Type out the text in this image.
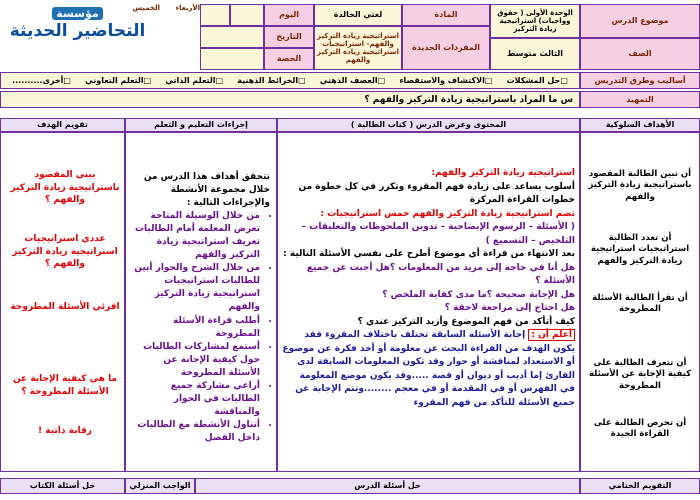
مؤسسة
التحاضير الحديثة
موضوع الدرس
الوحدة الأولى ( حقوق وواجبات) استراتيجية زيادة التركيز
المادة
لغتي الخالدة
اليوم
الخميس الأربعاء
المفردات الجديدة
استراتيجية زيادة التركيز والفهم- استراتيجيات استراتيجية زيادة التركيز والفهم
التاريخ
الحصة
الصف
الثالث متوسط
أساليب وطرق التدريس
□حل المشكلات
□الاكتشاف والاستقصاء
□العصف الذهني
□الخرائط الذهنية
□التعلم الذاتي
□التعلم التعاوني
□أخرى..........
التمهيد
س ما المراد باستراتيجية زيادة التركيز والفهم ؟
الأهداف السلوكية
المحتوى وعرض الدرس ( كتاب الطالبة )
إجراءات التعليم و التعلم
تقويم الهدف
أن تبين الطالبة المقصود باستراتيجية زيادة التركيز والفهم
أن تعدد الطالبة استراتيجيات استراتيجية زيادة التركيز والفهم
أن تقرأ الطالبة الأسئلة المطروحة
أن تتعرف الطالبة على كيفية الإجابة عن الأسئلة المطروحة
أن تحرص الطالبة على القراءة الجيدة
استراتيجية زيادة التركيز والفهم:
أسلوب يساعد على زيادة فهم المقروء وتكرر في كل خطوة من خطوات القراءة المركزة
تضم استراتيجية زيادة التركيز والفهم خمس استراتيجيات :
( الأسئلة – الرسوم الإيضاحية – تدوين الملحوظات والتعليقات – التلخيص – التسميع )
بعد الانتهاء من قراءة أي موضوع أطرح على نفسي الأسئلة التالية :
هل أنا في حاجة إلى مزيد من المعلومات ؟هل أجبت عن جميع الأسئلة ؟
هل الإجابة صحيحة ؟ما مدى كفاية الملخص ؟
هل احتاج إلى مراجعة لاحقة ؟
كيف أتأكد من فهم الموضوع وأزيد التركيز عندي ؟
أعلم أن : إجابة الأسئلة السابقة تختلف باختلاف المقروء فقد يكون الهدف من القراءة البحث عن معلومة أو أخذ فكرة عن موضوع أو الاستعداد لمناقشة أو حوار وقد تكون المعلومات السابقة لدى القارئ إما أديب أو ديوان أو قصة .....وقد يكون موضع المعلومة في الفهرس أو في المقدمة أو في معجم ........وتتم الإجابة عن جميع الأسئلة للتأكد من فهم المقروء
تتحقق أهداف هذا الدرس من خلال مجموعة الأنشطة والإجراءات التالية :
• من خلال الوسيلة المتاحة تعرض المعلمة أمام الطالبات تعريف استراتيجية زيادة التركيز والفهم
• من خلال الشرح والحوار أبين للطالبات استراتيجيات استراتيجية زيادة التركيز والفهم
• أطلب قراءة الأسئلة المطروحة
• أستمع لمشاركات الطالبات حول كيفية الإجابة عن الأسئلة المطروحة
• أراعي مشاركة جميع الطالبات في الحوار والمناقشة
• أتناول الأنشطة مع الطالبات داخل الفصل
بيني المقصود باستراتيجية زيادة التركيز والفهم ؟
عددي استراتيجيات استراتيجية زيادة التركيز والفهم ؟
اقرئي الأسئلة المطروحة
ما هي كيفية الإجابة عن الأسئلة المطروحة ؟
رقابة ذاتية !
التقويم الختامي
حل أسئلة الدرس
الواجب المنزلي
حل أسئلة الكتاب
